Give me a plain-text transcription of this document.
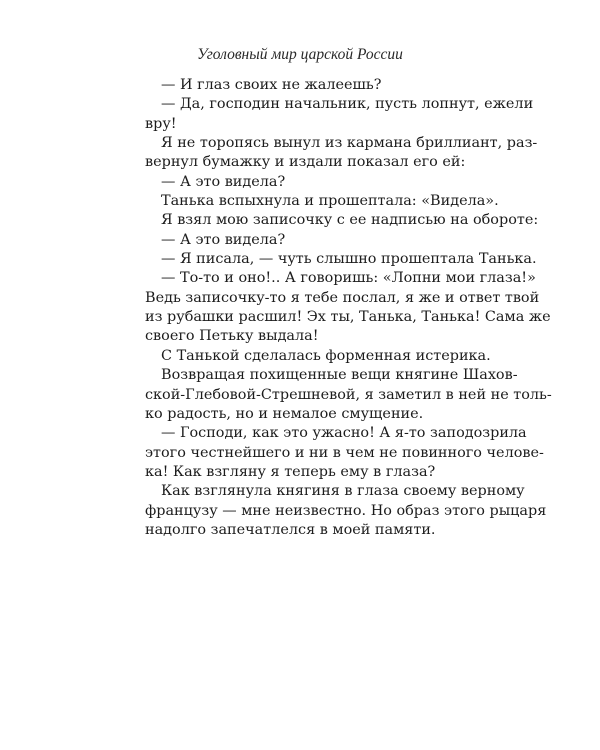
Уголовный мир царской России
— И глаз своих не жалеешь?
— Да, господин начальник, пусть лопнут, ежели
вру!
Я не торопясь вынул из кармана бриллиант, раз-
вернул бумажку и издали показал его ей:
— А это видела?
Танька вспыхнула и прошептала: «Видела».
Я взял мою записочку с ее надписью на обороте:
— А это видела?
— Я писала, — чуть слышно прошептала Танька.
— То-то и оно!.. А говоришь: «Лопни мои глаза!»
Ведь записочку-то я тебе послал, я же и ответ твой
из рубашки расшил! Эх ты, Танька, Танька! Сама же
своего Петьку выдала!
С Танькой сделалась форменная истерика.
Возвращая похищенные вещи княгине Шахов-
ской-Глебовой-Стрешневой, я заметил в ней не толь-
ко радость, но и немалое смущение.
— Господи, как это ужасно! А я-то заподозрила
этого честнейшего и ни в чем не повинного челове-
ка! Как взгляну я теперь ему в глаза?
Как взглянула княгиня в глаза своему верному
французу — мне неизвестно. Но образ этого рыцаря
надолго запечатлелся в моей памяти.
